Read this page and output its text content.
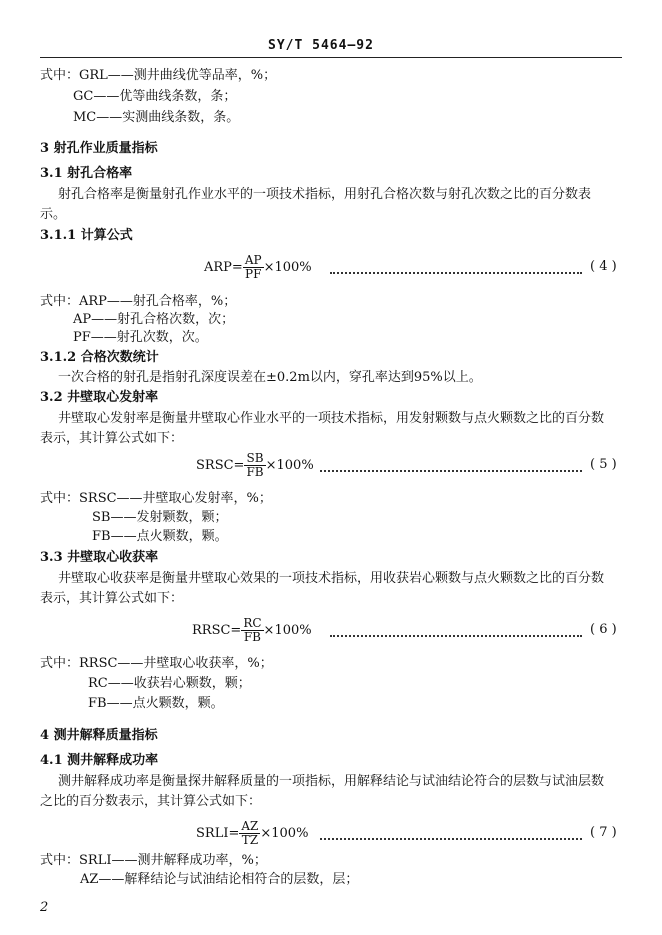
SY/T 5464—92
式中：GRL——测井曲线优等品率，%；
GC——优等曲线条数，条；
MC——实测曲线条数，条。
3 射孔作业质量指标
3.1 射孔合格率
射孔合格率是衡量射孔作业水平的一项技术指标，用射孔合格次数与射孔次数之比的百分数表
示。
3.1.1 计算公式
$ARP= \frac{AP}{PF} \times 100\%$	( 4 )
式中：ARP——射孔合格率，%；
AP——射孔合格次数，次；
PF——射孔次数，次。
3.1.2 合格次数统计
一次合格的射孔是指射孔深度误差在±0.2m以内，穿孔率达到95%以上。
3.2 井壁取心发射率
井壁取心发射率是衡量井壁取心作业水平的一项技术指标，用发射颗数与点火颗数之比的百分数
表示，其计算公式如下：
SRSC= $\frac{SB}{FB} \times 100\%$	( 5 )
式中：SRSC——井壁取心发射率，%；
SB——发射颗数，颗；
FB——点火颗数，颗。
3.3 井壁取心收获率
井壁取心收获率是衡量井壁取心效果的一项技术指标，用收获岩心颗数与点火颗数之比的百分数
表示，其计算公式如下：
RRSC= $\frac{RC}{FB} \times 100\%$	( 6 )
式中：RRSC——井壁取心收获率，%；
RC——收获岩心颗数，颗；
FB——点火颗数，颗。
4 测井解释质量指标
4.1 测井解释成功率
测井解释成功率是衡量探井解释质量的一项指标，用解释结论与试油结论符合的层数与试油层数
之比的百分数表示，其计算公式如下：
SRLI= $\frac{AZ}{TZ} \times 100\%$	( 7 )
式中：SRLI——测井解释成功率，%；
AZ——解释结论与试油结论相符合的层数，层；
2
